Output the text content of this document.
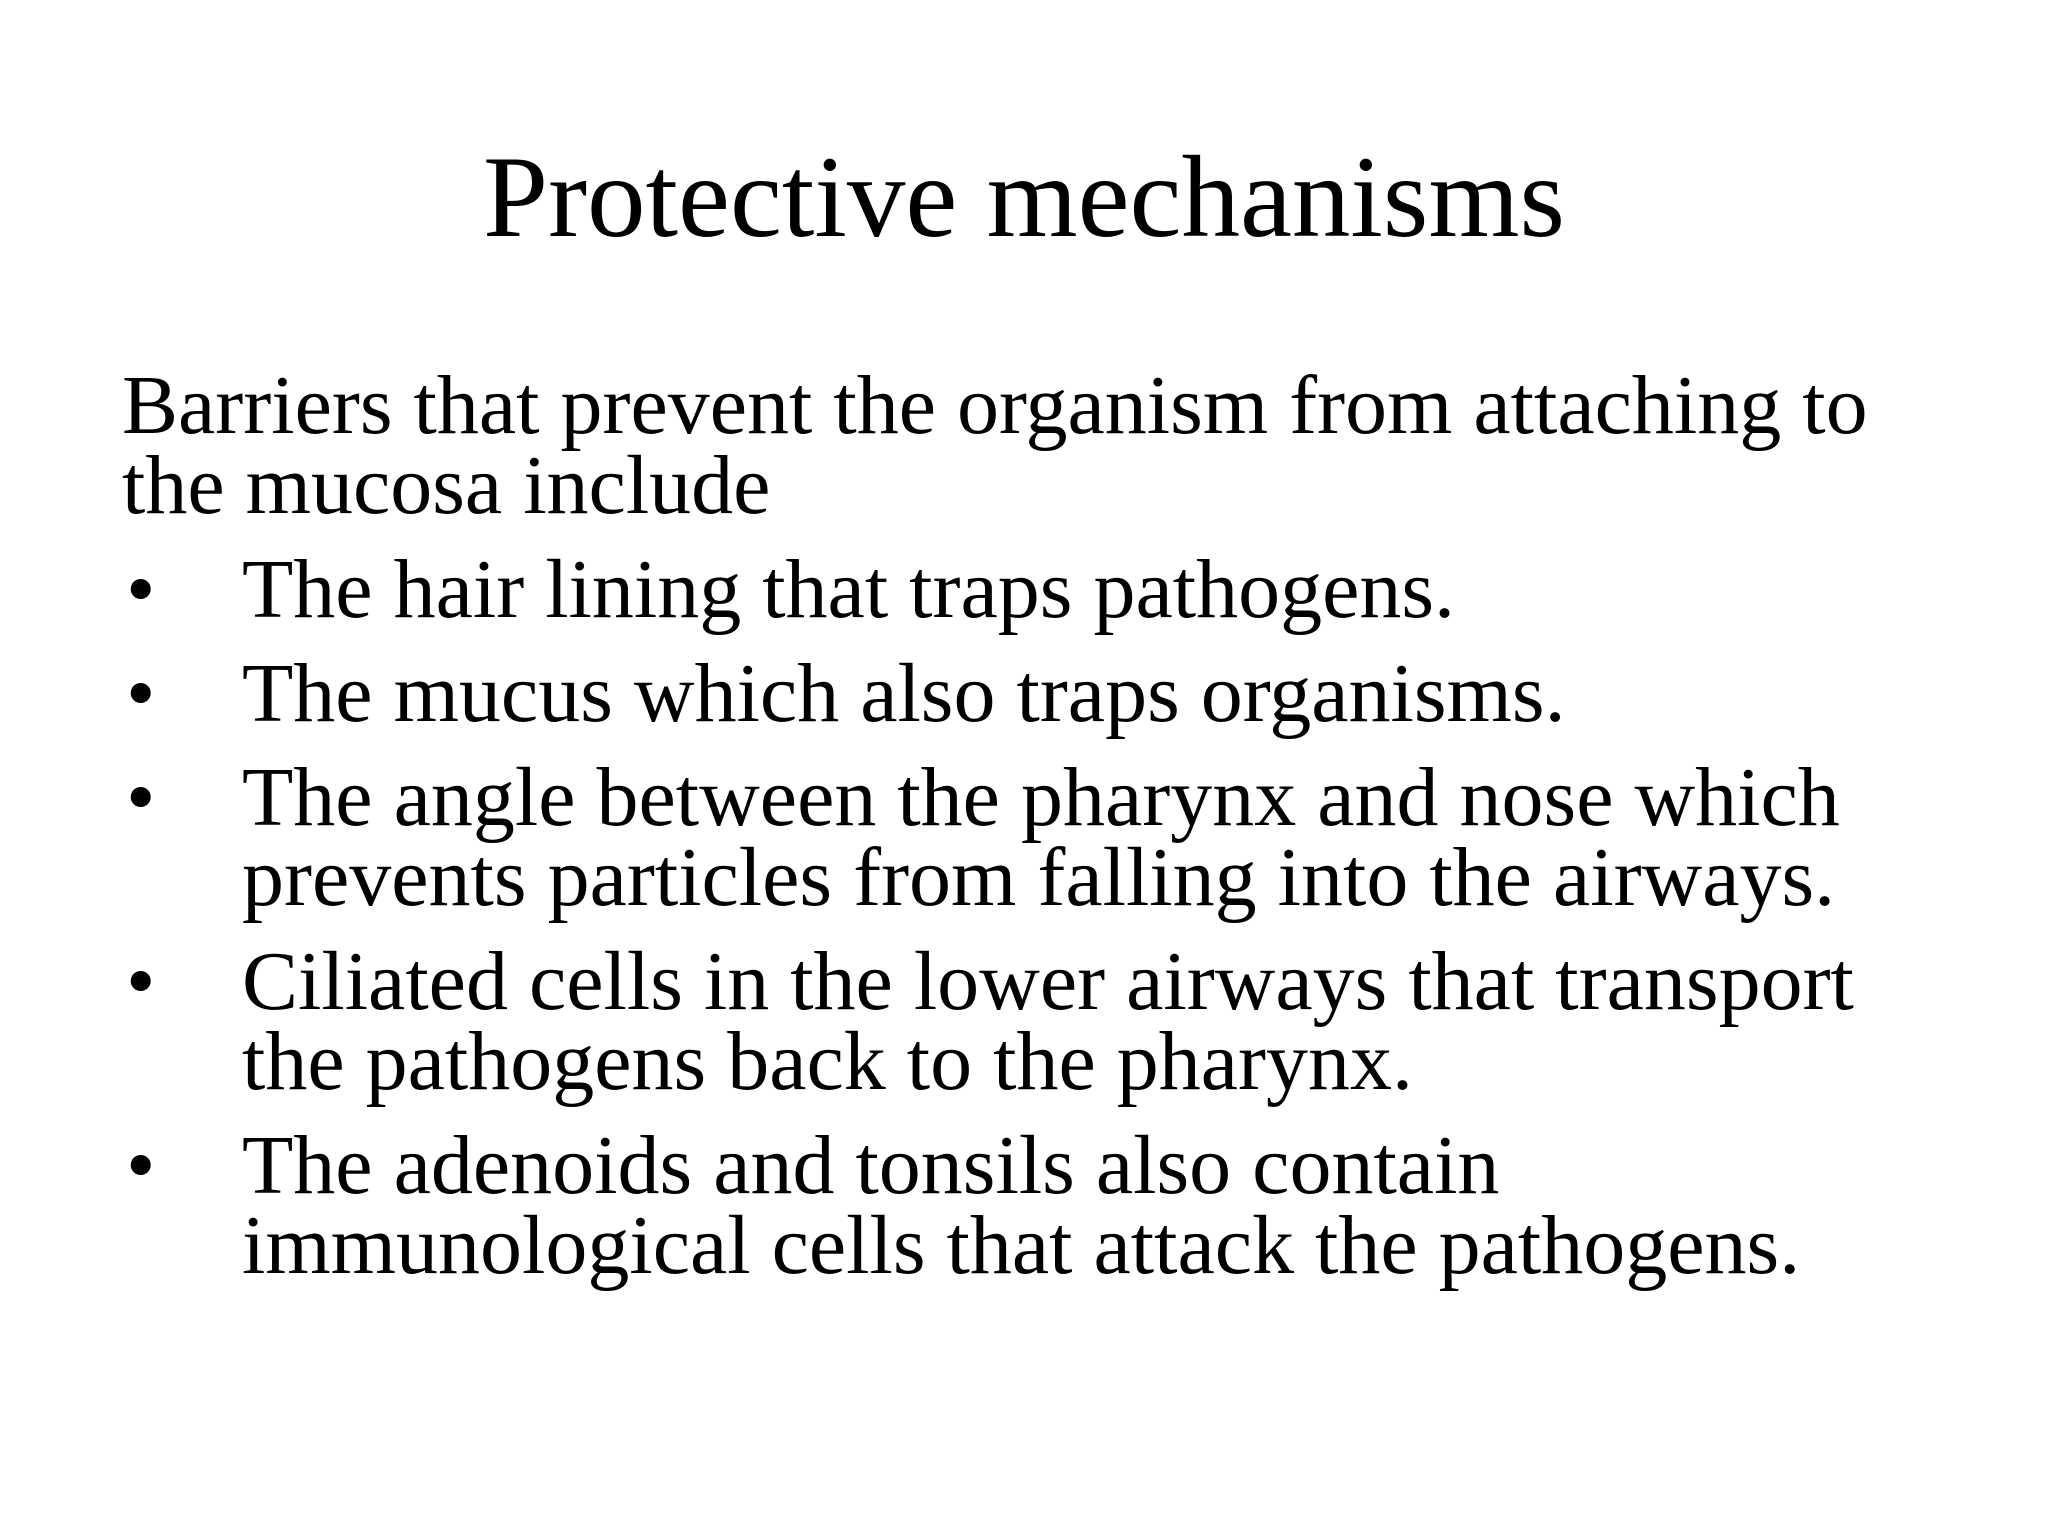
Protective mechanisms

Barriers that prevent the organism from attaching to
the mucosa include

• The hair lining that traps pathogens.
• The mucus which also traps organisms.
• The angle between the pharynx and nose which
prevents particles from falling into the airways.
• Ciliated cells in the lower airways that transport
the pathogens back to the pharynx.
• The adenoids and tonsils also contain
immunological cells that attack the pathogens.
